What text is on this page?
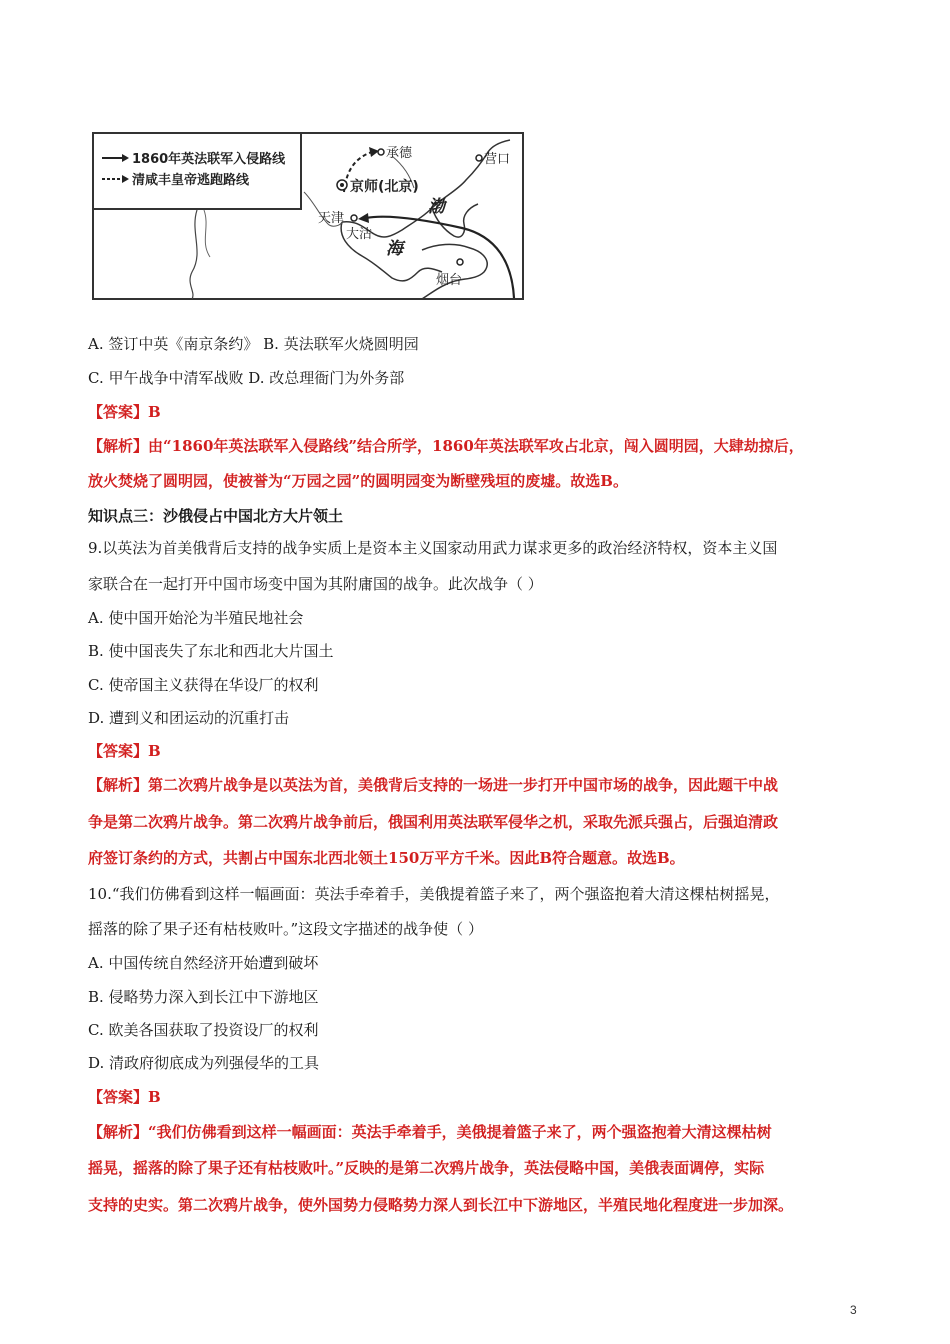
1860年英法联军入侵路线
清咸丰皇帝逃跑路线
承德	营口
京师(北京)
天津
大沽
渤
海
烟台
A. 签订中英《南京条约》 B. 英法联军火烧圆明园
C. 甲午战争中清军战败 D. 改总理衙门为外务部
【答案】B
【解析】由“1860年英法联军入侵路线”结合所学，1860年英法联军攻占北京，闯入圆明园，大肆劫掠后，
放火焚烧了圆明园，使被誉为“万园之园”的圆明园变为断壁残垣的废墟。故选B。
知识点三：沙俄侵占中国北方大片领土
9.以英法为首美俄背后支持的战争实质上是资本主义国家动用武力谋求更多的政治经济特权，资本主义国
家联合在一起打开中国市场变中国为其附庸国的战争。此次战争（ ）
A. 使中国开始沦为半殖民地社会
B. 使中国丧失了东北和西北大片国土
C. 使帝国主义获得在华设厂的权利
D. 遭到义和团运动的沉重打击
【答案】B
【解析】第二次鸦片战争是以英法为首，美俄背后支持的一场进一步打开中国市场的战争，因此题干中战
争是第二次鸦片战争。第二次鸦片战争前后，俄国利用英法联军侵华之机，采取先派兵强占，后强迫清政
府签订条约的方式，共割占中国东北西北领土150万平方千米。因此B符合题意。故选B。
10.“我们仿佛看到这样一幅画面：英法手牵着手，美俄提着篮子来了，两个强盗抱着大清这棵枯树摇晃，
摇落的除了果子还有枯枝败叶。”这段文字描述的战争使（ ）
A. 中国传统自然经济开始遭到破坏
B. 侵略势力深入到长江中下游地区
C. 欧美各国获取了投资设厂的权利
D. 清政府彻底成为列强侵华的工具
【答案】B
【解析】“我们仿佛看到这样一幅画面：英法手牵着手，美俄提着篮子来了，两个强盗抱着大清这棵枯树
摇晃，摇落的除了果子还有枯枝败叶。”反映的是第二次鸦片战争，英法侵略中国，美俄表面调停，实际
支持的史实。第二次鸦片战争，使外国势力侵略势力深人到长江中下游地区，半殖民地化程度进一步加深。
3
